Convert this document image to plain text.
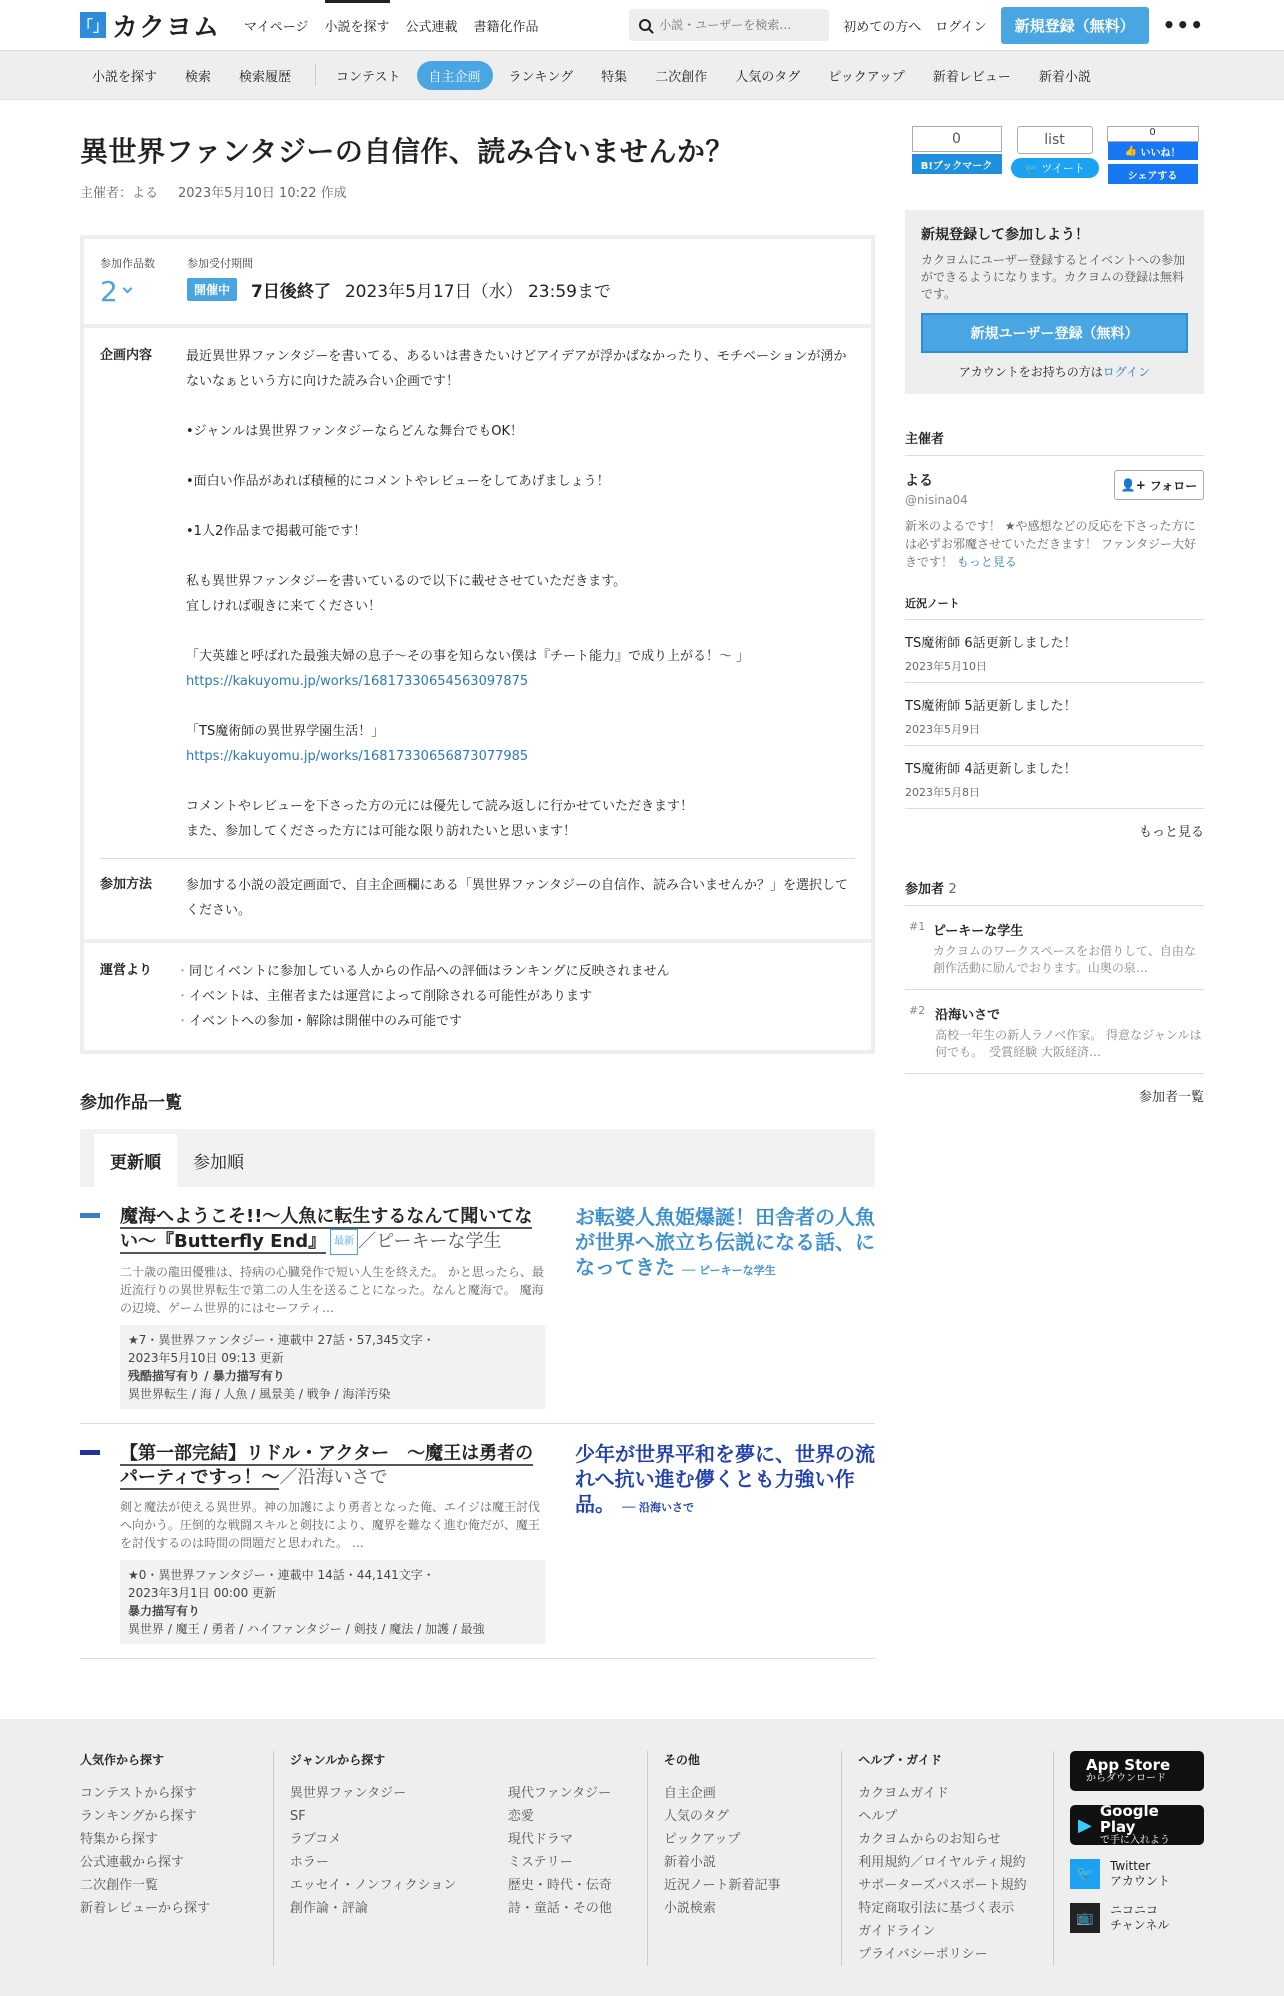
「」 カクヨム マイページ 小説を探す 公式連載 書籍化作品
小説・ユーザーを検索…	初めての方へ ログイン	新規登録（無料）	•••
小説を探す	検索	検索履歴	コンテスト	自主企画	ランキング	特集	二次創作	人気のタグ	ピックアップ	新着レビュー	新着小説
異世界ファンタジーの自信作、読み合いませんか？
主催者：よる 2023年5月10日 10:22 作成
参加作品数
2
参加受付期間
開催中	7日後終了 2023年5月17日（水） 23:59まで
企画内容	最近異世界ファンタジーを書いてる、あるいは書きたいけどアイデアが浮かばなかったり、モチベーションが湧かないなぁという方に向けた読み合い企画です！

•ジャンルは異世界ファンタジーならどんな舞台でもOK！

•面白い作品があれば積極的にコメントやレビューをしてあげましょう！

•1人2作品まで掲載可能です！

私も異世界ファンタジーを書いているので以下に載せさせていただきます。

宜しければ覗きに来てください！

「大英雄と呼ばれた最強夫婦の息子～その事を知らない僕は『チート能力』で成り上がる！〜 」

https://kakuyomu.jp/works/16817330654563097875

「TS魔術師の異世界学園生活！」

https://kakuyomu.jp/works/16817330656873077985

コメントやレビューを下さった方の元には優先して読み返しに行かせていただきます！

また、参加してくださった方には可能な限り訪れたいと思います！

参加方法	参加する小説の設定画面で、自主企画欄にある「異世界ファンタジーの自信作、読み合いませんか？」を選択してください。
運営より
・	同じイベントに参加している人からの作品への評価はランキングに反映されません
・ イベントは、主催者または運営によって削除される可能性があります
・ イベントへの参加・解除は開催中のみ可能です
参加作品一覧
更新順	参加順
魔海へようこそ!!～人魚に転生するなんて聞いてない～『Butterfly End』 最新 ／ピーキーな学生
二十歳の龍田優雅は、持病の心臓発作で短い人生を終えた。 かと思ったら、最近流行りの異世界転生で第二の人生を送ることになった。なんと魔海で。 魔海の辺境、ゲーム世界的にはセーフティ…
★7・異世界ファンタジー・連載中 27話・57,345文字・
2023年5月10日 09:13 更新
残酷描写有り / 暴力描写有り
異世界転生 / 海 / 人魚 / 風景美 / 戦争 / 海洋汚染
お転婆人魚姫爆誕！田舎者の人魚が世界へ旅立ち伝説になる話、になってきた ── ピーキーな学生
【第一部完結】リドル・アクター　～魔王は勇者のパーティですっ！～／沿海いさで
剣と魔法が使える異世界。神の加護により勇者となった俺、エイジは魔王討伐へ向かう。圧倒的な戦闘スキルと剣技により、魔界を難なく進む俺だが、魔王を討伐するのは時間の問題だと思われた。 …
★0・異世界ファンタジー・連載中 14話・44,141文字・
2023年3月1日 00:00 更新
暴力描写有り
異世界 / 魔王 / 勇者 / ハイファンタジー / 剣技 / 魔法 / 加護 / 最強
少年が世界平和を夢に、世界の流れへ抗い進む儚くとも力強い作品。 ── 沿海いさで
0
B!ブックマーク
list
🐦
ツイート
0
👍
いいね！
シェアする
新規登録して参加しよう！
カクヨムにユーザー登録するとイベントへの参加ができるようになります。カクヨムの登録は無料です。
新規ユーザー登録（無料）
アカウントをお持ちの方はログイン
主催者
よる
@nisina04
👤+ フォロー
新米のよるです！ ★や感想などの反応を下さった方には必ずお邪魔させていただきます！ ファンタジー大好きです！ もっと見る
近況ノート
TS魔術師 6話更新しました！
2023年5月10日
TS魔術師 5話更新しました！
2023年5月9日
TS魔術師 4話更新しました！
2023年5月8日
もっと見る
参加者 2
#1 ピーキーな学生
カクヨムのワークスペースをお借りして、自由な創作活動に励んでおります。山奥の泉…
#2 沿海いさで
高校一年生の新人ラノベ作家。 得意なジャンルは何でも。　受賞経験 大阪経済…
参加者一覧
人気作から探す
コンテストから探す
ランキングから探す
特集から探す
公式連載から探す
二次創作一覧
新着レビューから探す
ジャンルから探す
異世界ファンタジー
SF
ラブコメ
ホラー
エッセイ・ノンフィクション
創作論・評論
現代ファンタジー
恋愛
現代ドラマ
ミステリー
歴史・時代・伝奇
詩・童話・その他
その他
自主企画
人気のタグ
ピックアップ
新着小説
近況ノート新着記事
小説検索
ヘルプ・ガイド
カクヨムガイド
ヘルプ
カクヨムからのお知らせ
利用規約／ロイヤルティ規約
サポーターズパスポート規約
特定商取引法に基づく表示
ガイドライン
プライバシーポリシー
App Store
からダウンロード
▶
Google Play
で手に入れよう
🐦	Twitter
アカウント
📺	ニコニコ
チャンネル
